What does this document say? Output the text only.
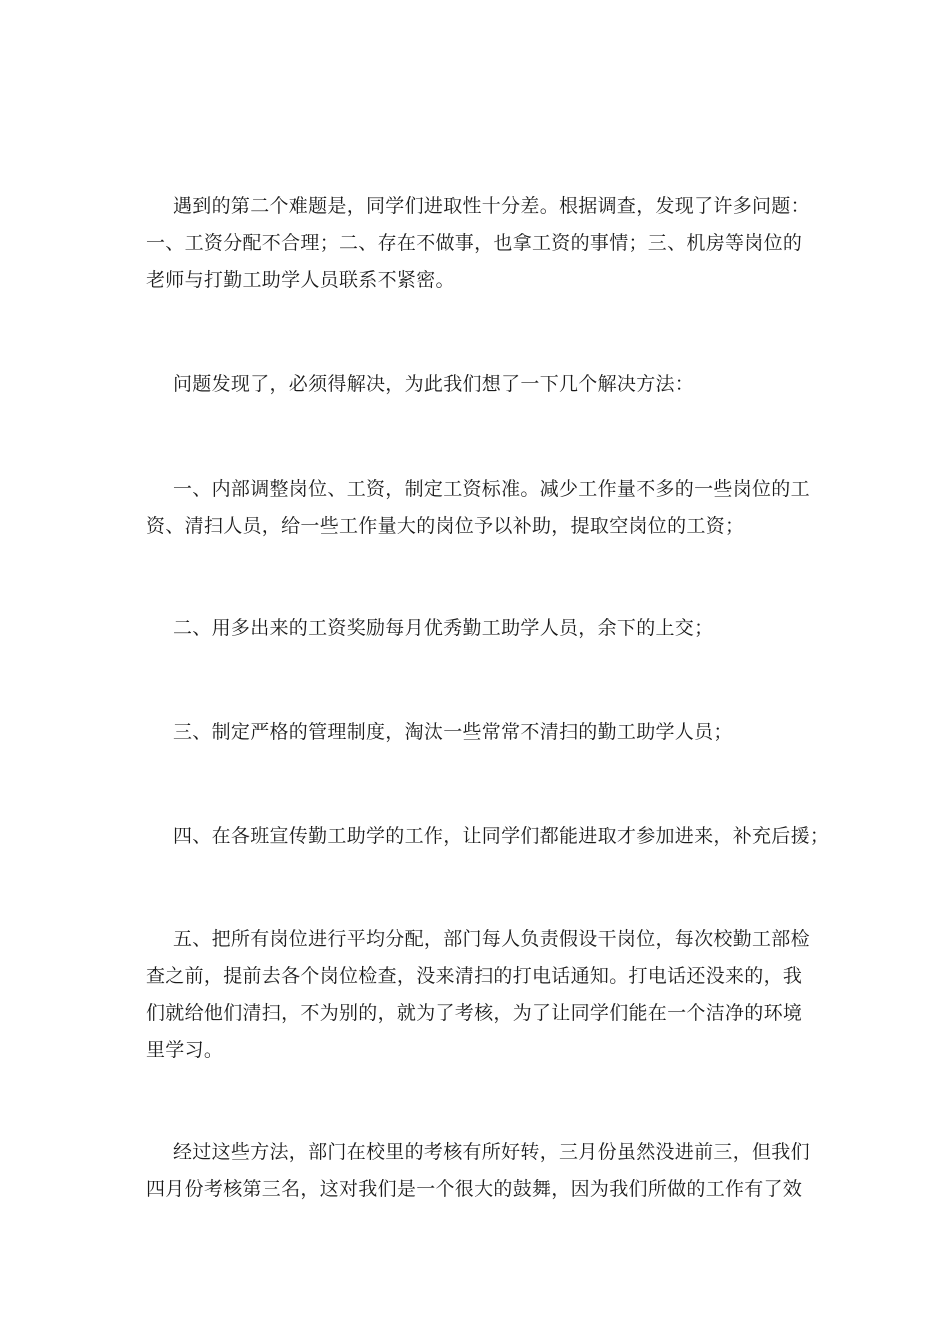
遇到的第二个难题是，同学们进取性十分差。根据调查，发现了许多问题：
一、工资分配不合理；二、存在不做事，也拿工资的事情；三、机房等岗位的
老师与打勤工助学人员联系不紧密。

问题发现了，必须得解决，为此我们想了一下几个解决方法：

一、内部调整岗位、工资，制定工资标准。减少工作量不多的一些岗位的工
资、清扫人员，给一些工作量大的岗位予以补助，提取空岗位的工资；

二、用多出来的工资奖励每月优秀勤工助学人员，余下的上交；

三、制定严格的管理制度，淘汰一些常常不清扫的勤工助学人员；

四、在各班宣传勤工助学的工作，让同学们都能进取才参加进来，补充后援；

五、把所有岗位进行平均分配，部门每人负责假设干岗位，每次校勤工部检
查之前，提前去各个岗位检查，没来清扫的打电话通知。打电话还没来的，我
们就给他们清扫，不为别的，就为了考核，为了让同学们能在一个洁净的环境
里学习。

经过这些方法，部门在校里的考核有所好转，三月份虽然没进前三，但我们
四月份考核第三名，这对我们是一个很大的鼓舞，因为我们所做的工作有了效
